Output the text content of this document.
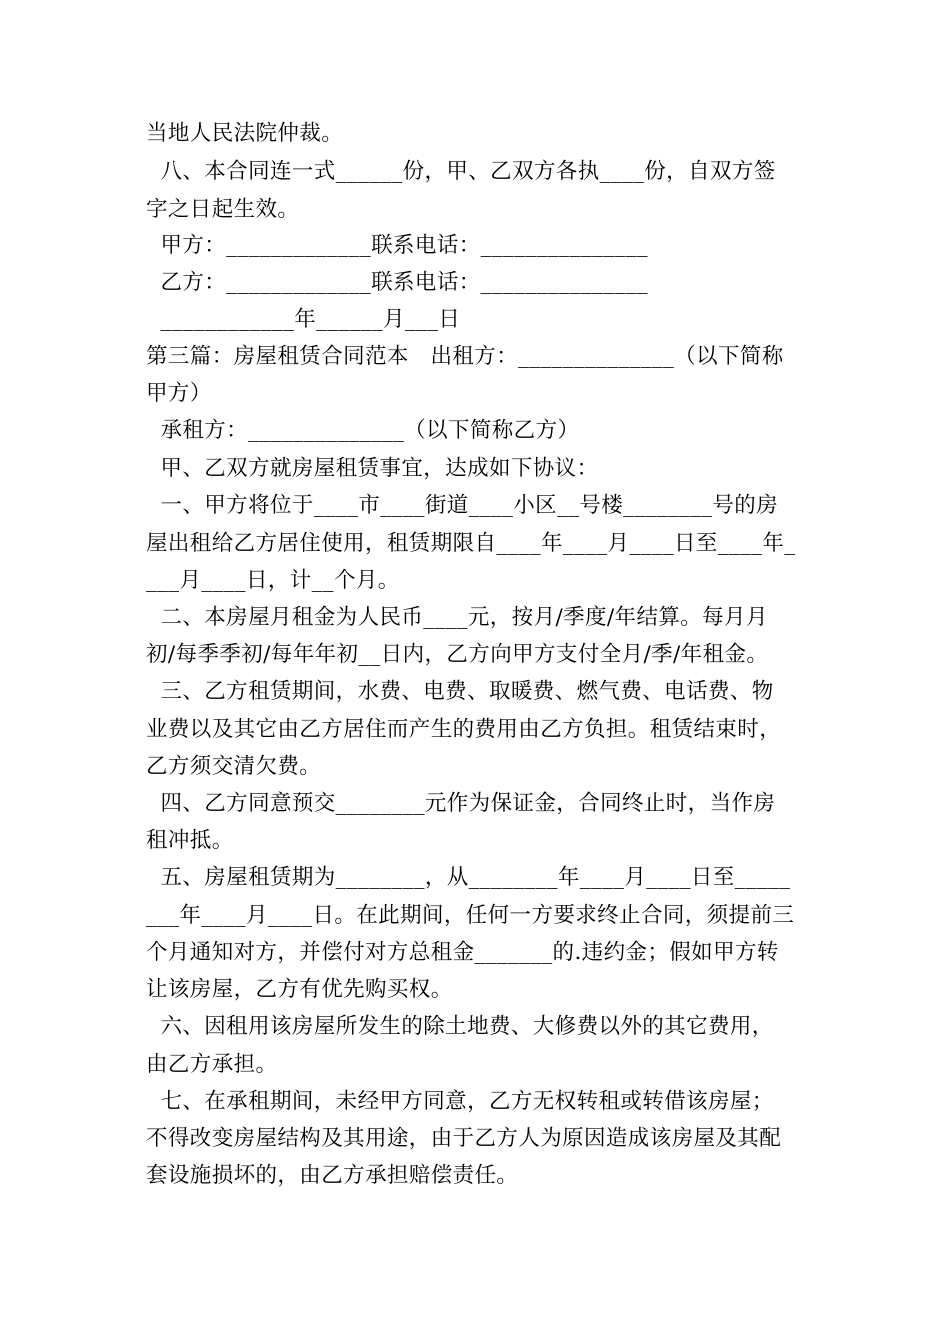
当地人民法院仲裁。
八、本合同连一式______份，甲、乙双方各执____份，自双方签
字之日起生效。
甲方：_____________联系电话：_______________
乙方：_____________联系电话：_______________
____________年______月___日
第三篇：房屋租赁合同范本   出租方：______________（以下简称
甲方）
承租方：______________（以下简称乙方）
甲、乙双方就房屋租赁事宜，达成如下协议：
一、甲方将位于____市____街道____小区__号楼________号的房
屋出租给乙方居住使用，租赁期限自____年____月____日至____年_
___月____日，计__个月。
二、本房屋月租金为人民币____元，按月/季度/年结算。每月月
初/每季季初/每年年初__日内，乙方向甲方支付全月/季/年租金。
三、乙方租赁期间，水费、电费、取暖费、燃气费、电话费、物
业费以及其它由乙方居住而产生的费用由乙方负担。租赁结束时，
乙方须交清欠费。
四、乙方同意预交________元作为保证金，合同终止时，当作房
租冲抵。
五、房屋租赁期为________，从________年____月____日至_____
___年____月____日。在此期间，任何一方要求终止合同，须提前三
个月通知对方，并偿付对方总租金_______的.违约金；假如甲方转
让该房屋，乙方有优先购买权。
六、因租用该房屋所发生的除土地费、大修费以外的其它费用，
由乙方承担。
七、在承租期间，未经甲方同意，乙方无权转租或转借该房屋；
不得改变房屋结构及其用途，由于乙方人为原因造成该房屋及其配
套设施损坏的，由乙方承担赔偿责任。
